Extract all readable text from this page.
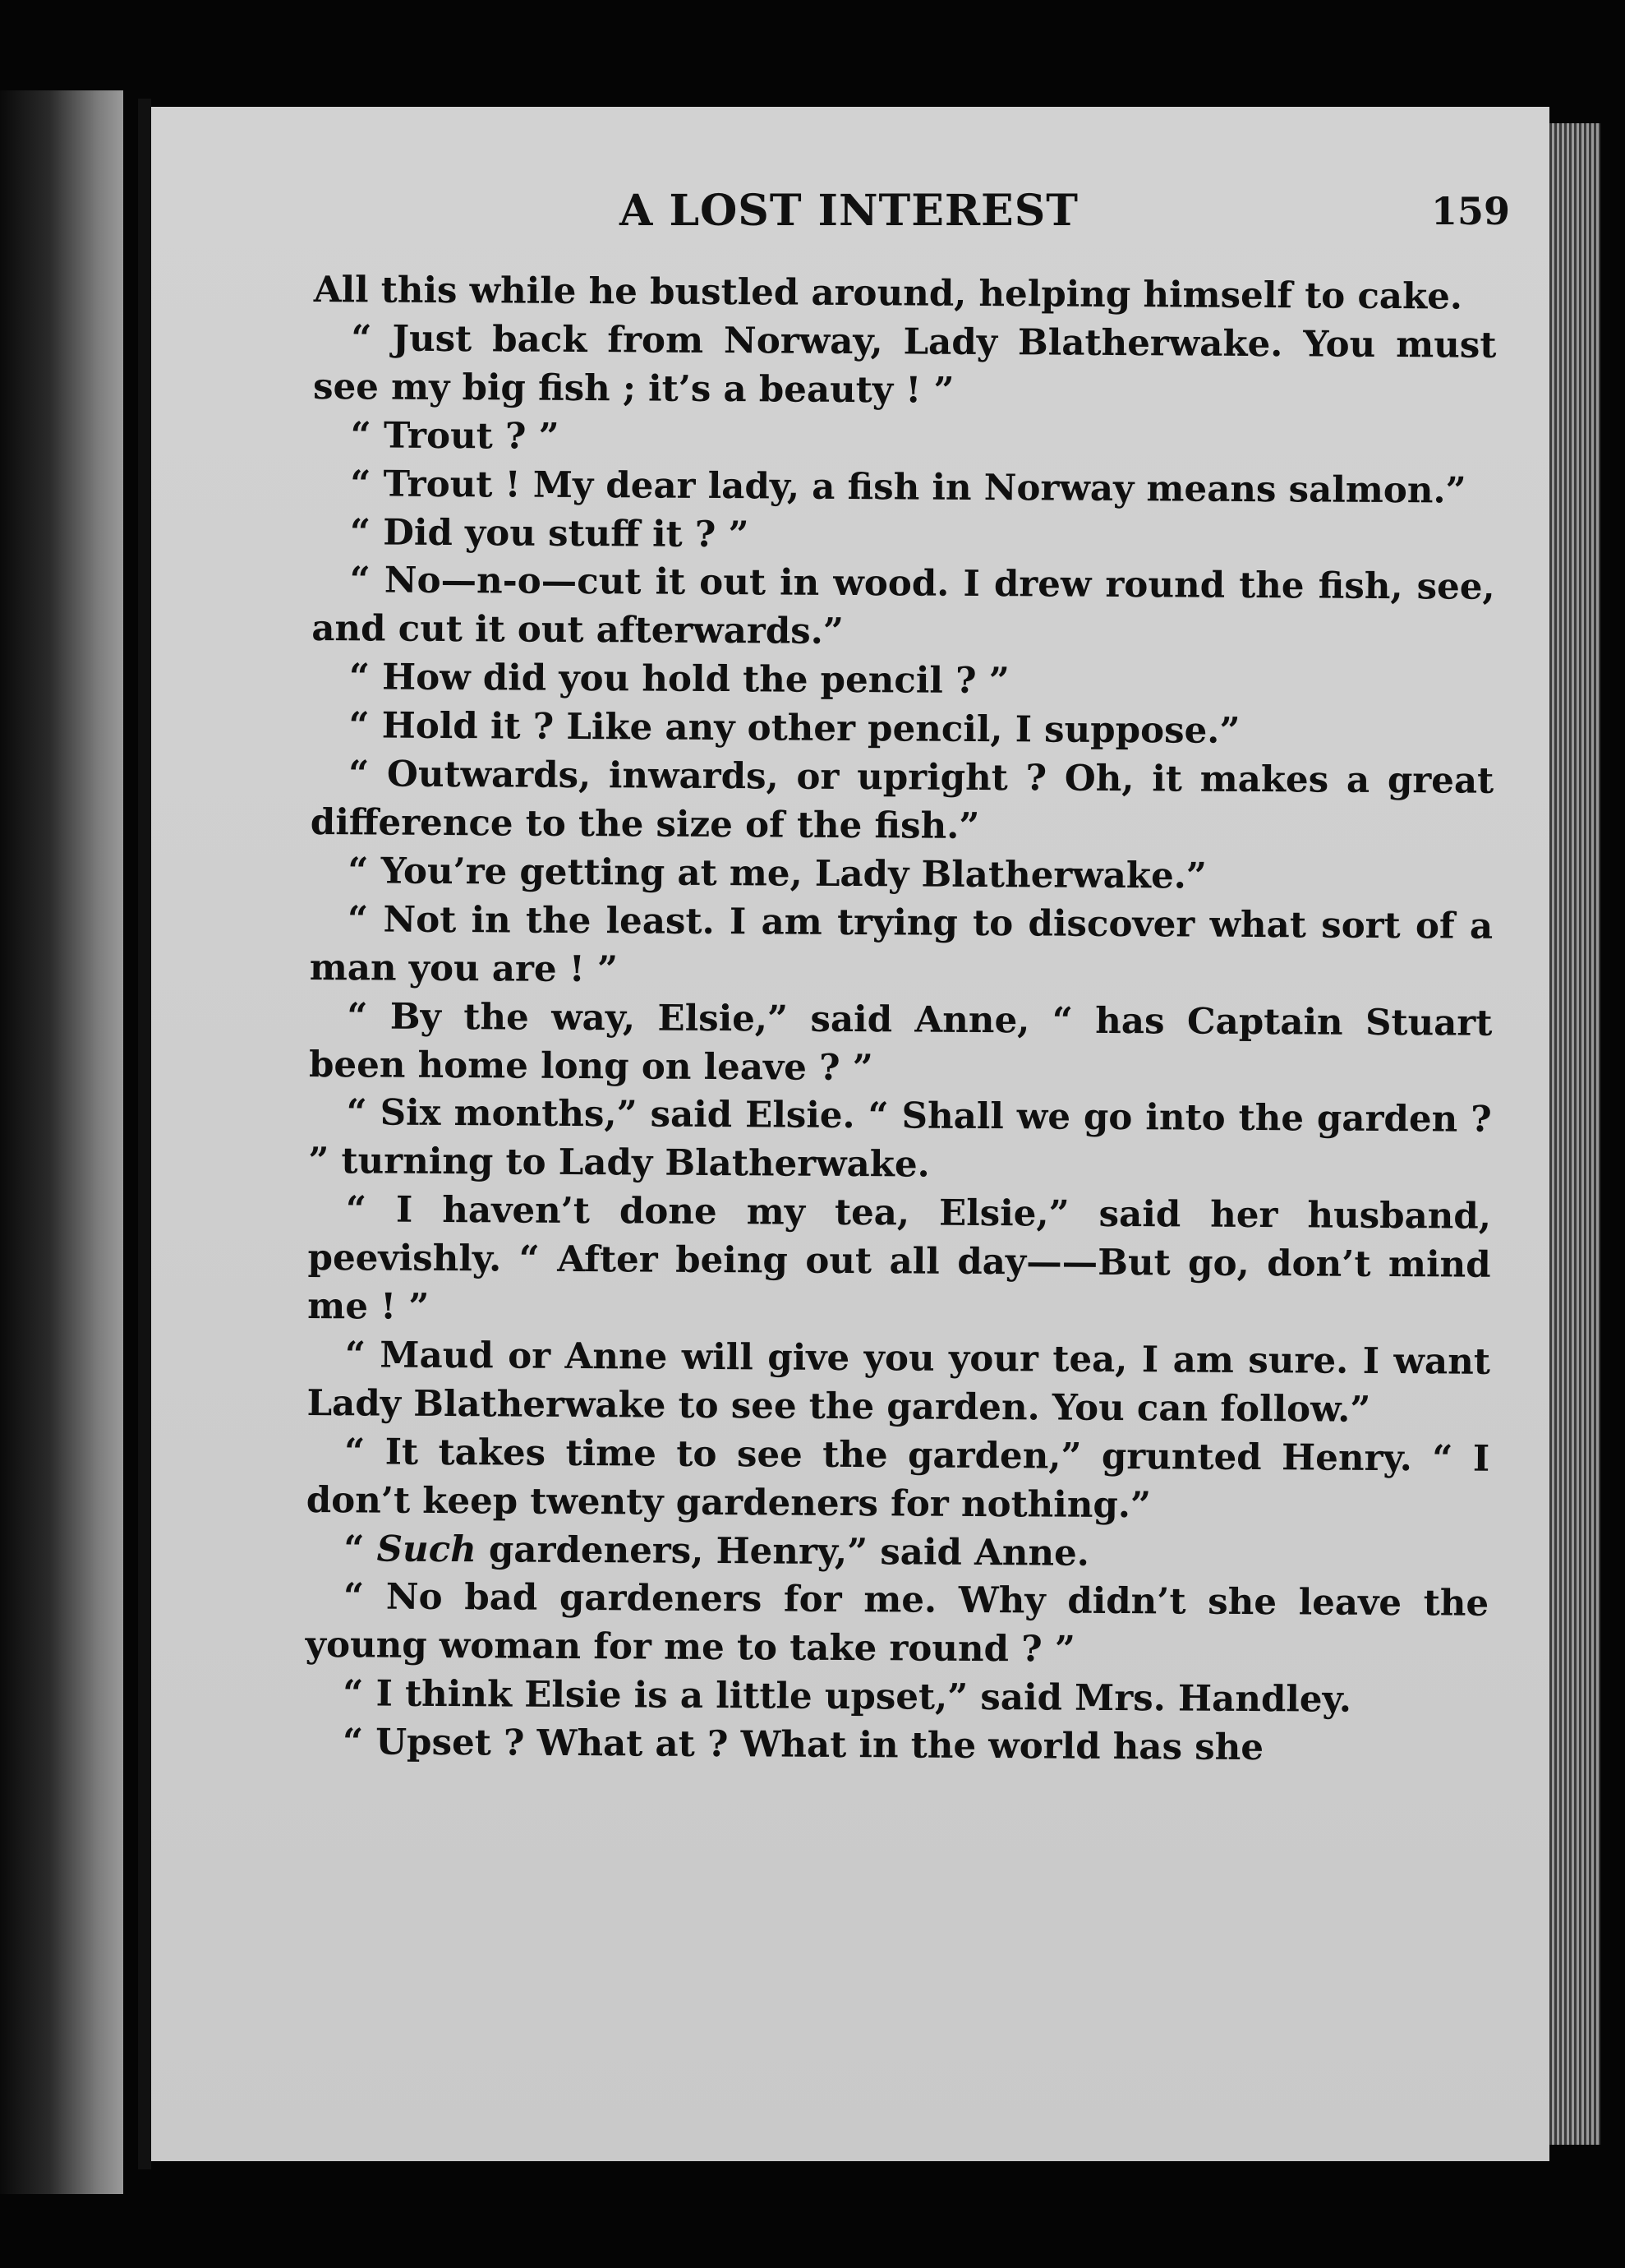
A LOST INTEREST	159

All this while he bustled around, helping himself to cake.

“ Just back from Norway, Lady Blatherwake. You must see my big fish ; it’s a beauty ! ”

“ Trout ? ”

“ Trout ! My dear lady, a fish in Norway means salmon.”

“ Did you stuff it ? ”

“ No—n-o—cut it out in wood. I drew round the fish, see, and cut it out afterwards.”

“ How did you hold the pencil ? ”

“ Hold it ? Like any other pencil, I suppose.”

“ Outwards, inwards, or upright ? Oh, it makes a great difference to the size of the fish.”

“ You’re getting at me, Lady Blatherwake.”

“ Not in the least. I am trying to discover what sort of a man you are ! ”

“ By the way, Elsie,” said Anne, “ has Captain Stuart been home long on leave ? ”

“ Six months,” said Elsie. “ Shall we go into the garden ? ” turning to Lady Blatherwake.

“ I haven’t done my tea, Elsie,” said her husband, peevishly. “ After being out all day——But go, don’t mind me ! ”

“ Maud or Anne will give you your tea, I am sure. I want Lady Blatherwake to see the garden. You can follow.”

“ It takes time to see the garden,” grunted Henry. “ I don’t keep twenty gardeners for nothing.”

“ Such gardeners, Henry,” said Anne.

“ No bad gardeners for me. Why didn’t she leave the young woman for me to take round ? ”

“ I think Elsie is a little upset,” said Mrs. Handley.

“ Upset ? What at ? What in the world has she
